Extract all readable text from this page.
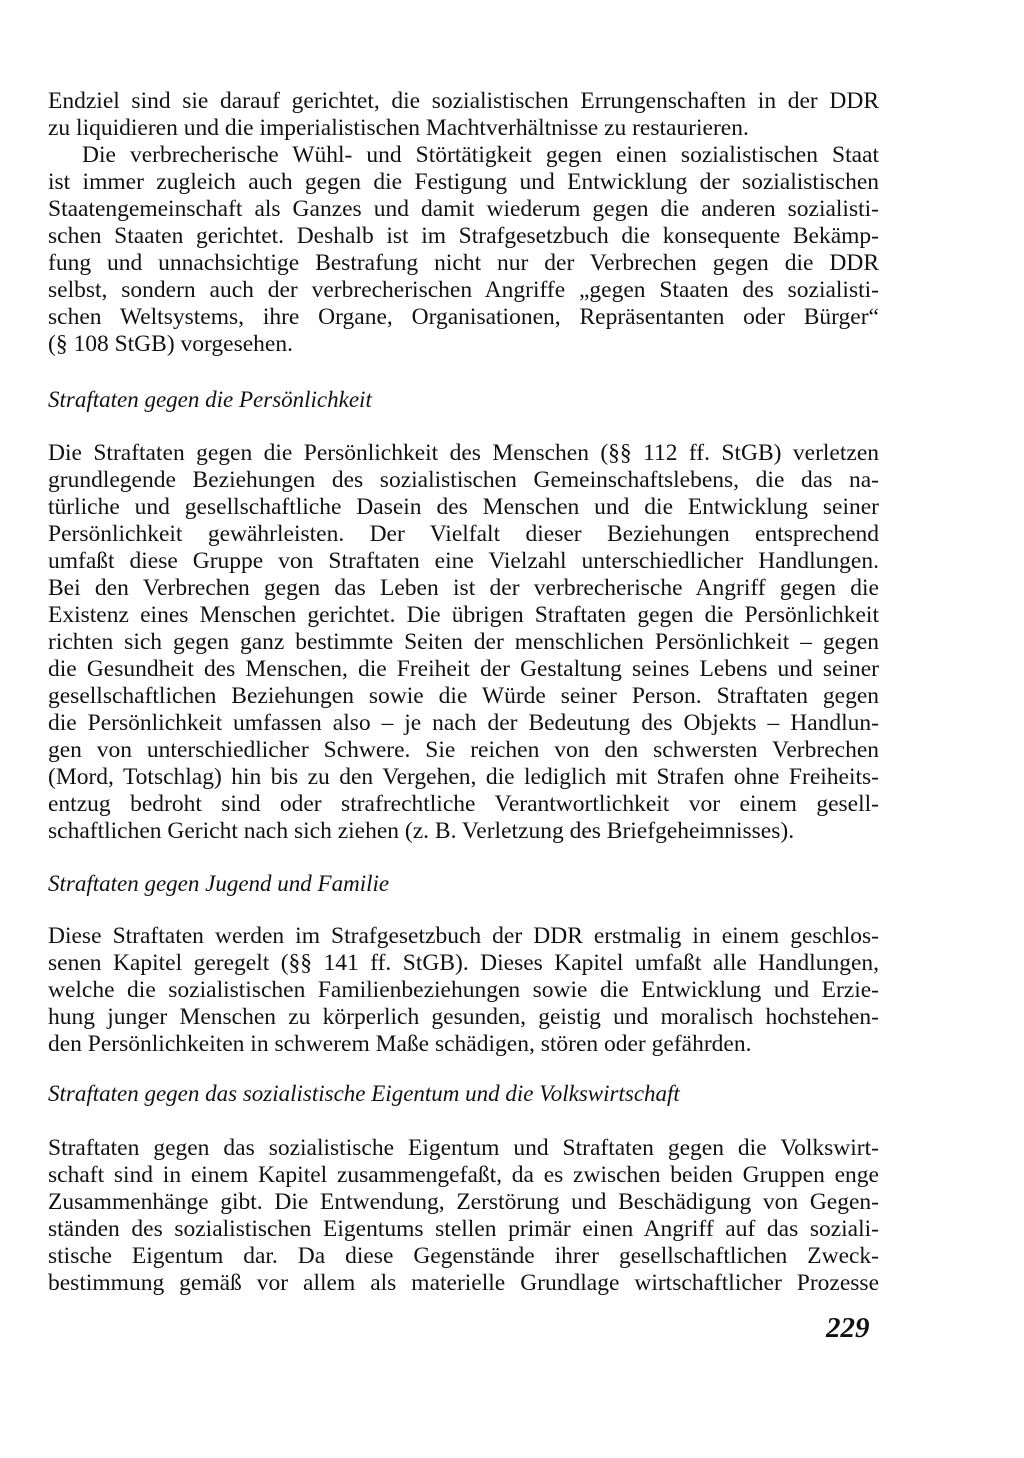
Endziel sind sie darauf gerichtet, die sozialistischen Errungenschaften in der DDR
zu liquidieren und die imperialistischen Machtverhältnisse zu restaurieren.
Die verbrecherische Wühl- und Störtätigkeit gegen einen sozialistischen Staat
ist immer zugleich auch gegen die Festigung und Entwicklung der sozialistischen
Staatengemeinschaft als Ganzes und damit wiederum gegen die anderen sozialisti-
schen Staaten gerichtet. Deshalb ist im Strafgesetzbuch die konsequente Bekämp-
fung und unnachsichtige Bestrafung nicht nur der Verbrechen gegen die DDR
selbst, sondern auch der verbrecherischen Angriffe „gegen Staaten des sozialisti-
schen Weltsystems, ihre Organe, Organisationen, Repräsentanten oder Bürger“
(§ 108 StGB) vorgesehen.
Straftaten gegen die Persönlichkeit
Die Straftaten gegen die Persönlichkeit des Menschen (§§ 112 ff. StGB) verletzen
grundlegende Beziehungen des sozialistischen Gemeinschaftslebens, die das na-
türliche und gesellschaftliche Dasein des Menschen und die Entwicklung seiner
Persönlichkeit gewährleisten. Der Vielfalt dieser Beziehungen entsprechend
umfaßt diese Gruppe von Straftaten eine Vielzahl unterschiedlicher Handlungen.
Bei den Verbrechen gegen das Leben ist der verbrecherische Angriff gegen die
Existenz eines Menschen gerichtet. Die übrigen Straftaten gegen die Persönlichkeit
richten sich gegen ganz bestimmte Seiten der menschlichen Persönlichkeit – gegen
die Gesundheit des Menschen, die Freiheit der Gestaltung seines Lebens und seiner
gesellschaftlichen Beziehungen sowie die Würde seiner Person. Straftaten gegen
die Persönlichkeit umfassen also – je nach der Bedeutung des Objekts – Handlun-
gen von unterschiedlicher Schwere. Sie reichen von den schwersten Verbrechen
(Mord, Totschlag) hin bis zu den Vergehen, die lediglich mit Strafen ohne Freiheits-
entzug bedroht sind oder strafrechtliche Verantwortlichkeit vor einem gesell-
schaftlichen Gericht nach sich ziehen (z. B. Verletzung des Briefgeheimnisses).
Straftaten gegen Jugend und Familie
Diese Straftaten werden im Strafgesetzbuch der DDR erstmalig in einem geschlos-
senen Kapitel geregelt (§§ 141 ff. StGB). Dieses Kapitel umfaßt alle Handlungen,
welche die sozialistischen Familienbeziehungen sowie die Entwicklung und Erzie-
hung junger Menschen zu körperlich gesunden, geistig und moralisch hochstehen-
den Persönlichkeiten in schwerem Maße schädigen, stören oder gefährden.
Straftaten gegen das sozialistische Eigentum und die Volkswirtschaft
Straftaten gegen das sozialistische Eigentum und Straftaten gegen die Volkswirt-
schaft sind in einem Kapitel zusammengefaßt, da es zwischen beiden Gruppen enge
Zusammenhänge gibt. Die Entwendung, Zerstörung und Beschädigung von Gegen-
ständen des sozialistischen Eigentums stellen primär einen Angriff auf das soziali-
stische Eigentum dar. Da diese Gegenstände ihrer gesellschaftlichen Zweck-
bestimmung gemäß vor allem als materielle Grundlage wirtschaftlicher Prozesse
229
